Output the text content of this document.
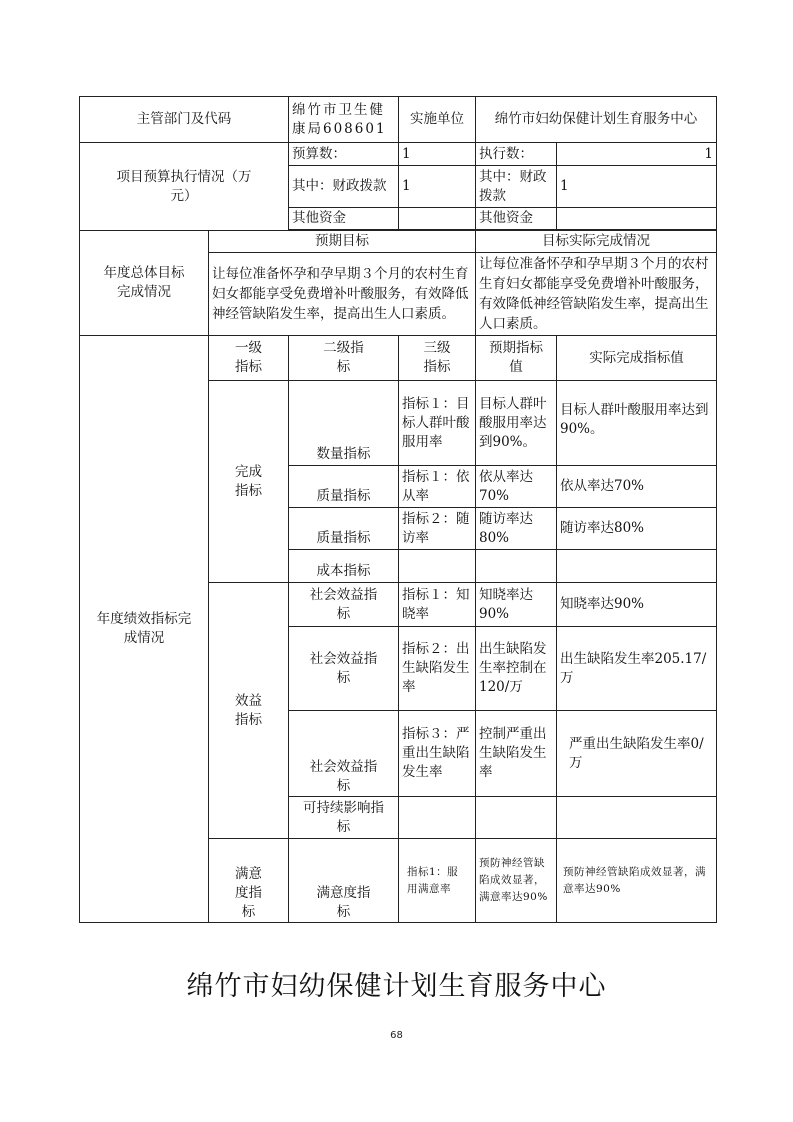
主管部门及代码		绵竹市卫生健康局608601	实施单位	绵竹市妇幼保健计划生育服务中心	
项目预算执行情况（万元）		预算数：	1	执行数：	1
		其中：财政拨款	1	其中：财政拨款	1
		其他资金		其他资金	

年度总体目标完成情况	预期目标			目标实际完成情况	
	让每位准备怀孕和孕早期３个月的农村生育妇女都能享受免费增补叶酸服务，有效降低神经管缺陷发生率，提高出生人口素质。			让每位准备怀孕和孕早期３个月的农村生育妇女都能享受免费增补叶酸服务，有效降低神经管缺陷发生率，提高出生人口素质。	
年度绩效指标完成情况	一级指标	二级指标	三级指标	预期指标值	实际完成指标值
	完成指标	数量指标	指标１：目标人群叶酸服用率	目标人群叶酸服用率达到90%。	目标人群叶酸服用率达到90%。
		质量指标	指标１：依从率	依从率达70%	依从率达70%
		质量指标	指标２：随访率	随访率达80%	随访率达80%
		成本指标			
	效益指标	社会效益指标	指标１：知晓率	知晓率达90%	知晓率达90%
		社会效益指标	指标２：出生缺陷发生率	出生缺陷发生率控制在120/万	出生缺陷发生率205.17/万
		社会效益指标	指标３：严重出生缺陷发生率	控制严重出生缺陷发生率	严重出生缺陷发生率0/万
		可持续影响指标			
	满意度指标	满意度指标	指标1：服用满意率	预防神经管缺陷成效显著，满意率达90%	预防神经管缺陷成效显著，满意率达90%
绵竹市妇幼保健计划生育服务中心
68
